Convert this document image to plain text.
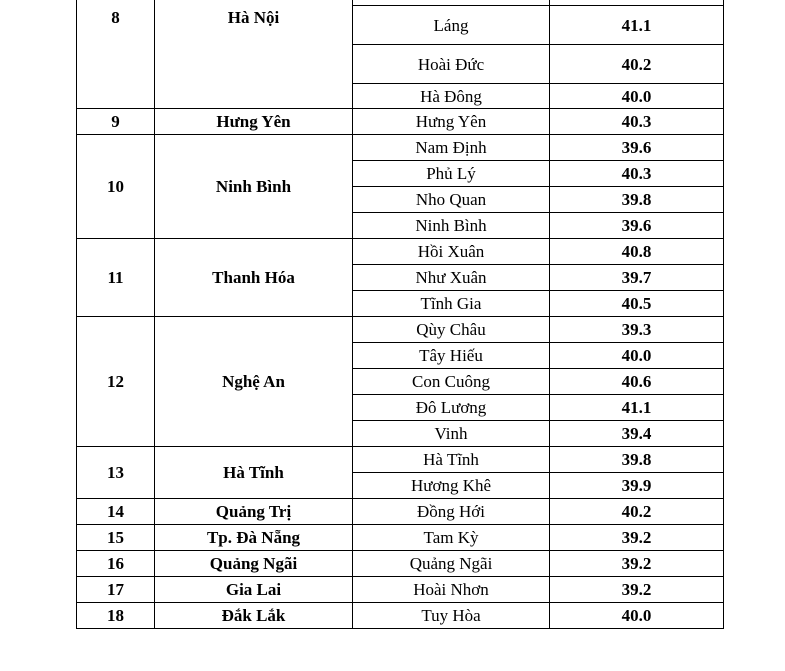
8	Hà Nội		
		Láng	41.1
		Hoài Đức	40.2
		Hà Đông	40.0
9	Hưng Yên	Hưng Yên	40.3
10	Ninh Bình	Nam Định	39.6
		Phủ Lý	40.3
		Nho Quan	39.8
		Ninh Bình	39.6
11	Thanh Hóa	Hồi Xuân	40.8
		Như Xuân	39.7
		Tĩnh Gia	40.5
12	Nghệ An	Qùy Châu	39.3
		Tây Hiếu	40.0
		Con Cuông	40.6
		Đô Lương	41.1
		Vinh	39.4
13	Hà Tĩnh	Hà Tĩnh	39.8
		Hương Khê	39.9
14	Quảng Trị	Đồng Hới	40.2
15	Tp. Đà Nẵng	Tam Kỳ	39.2
16	Quảng Ngãi	Quảng Ngãi	39.2
17	Gia Lai	Hoài Nhơn	39.2
18	Đắk Lắk	Tuy Hòa	40.0
